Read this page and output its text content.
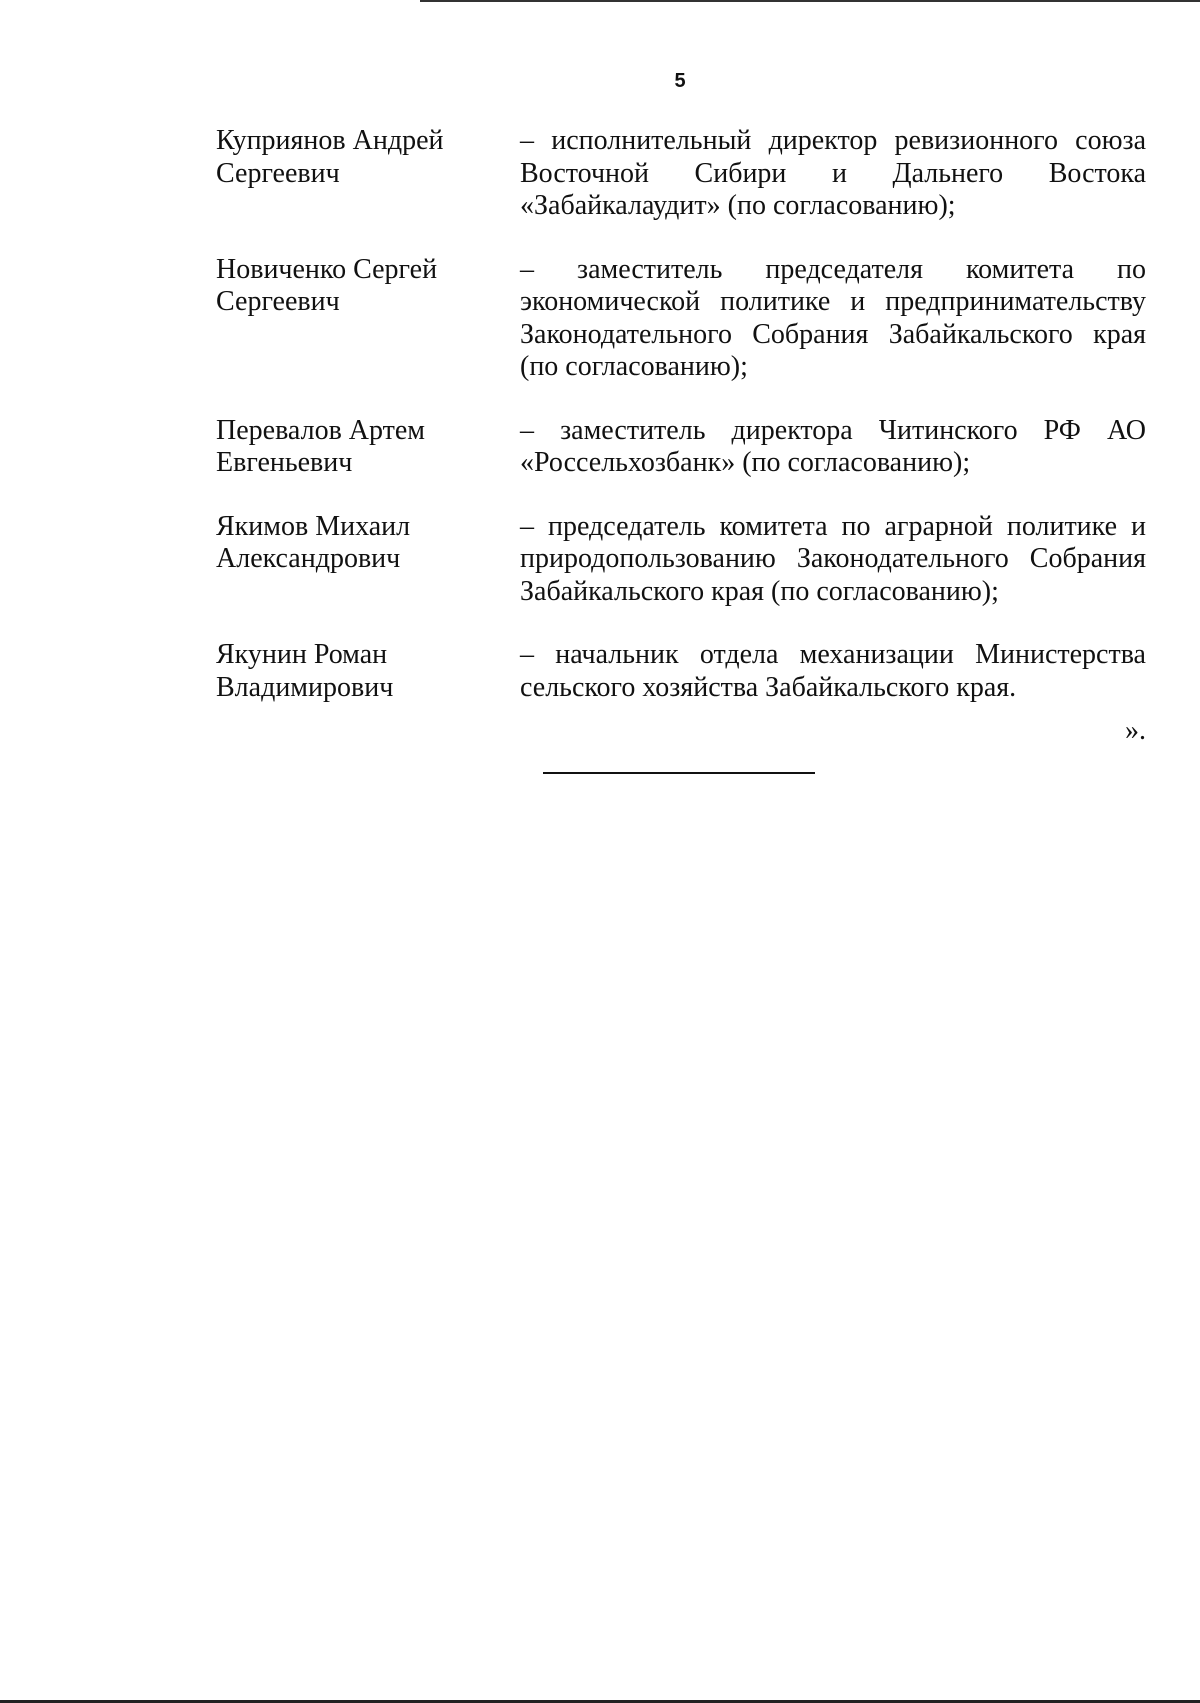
5
Куприянов Андрей Сергеевич
– исполнительный директор ревизионного союза Восточной Сибири и Дальнего Востока «Забайкалаудит» (по согласованию);
Новиченко Сергей Сергеевич
– заместитель председателя комитета по экономической политике и предпринимательству Законодательного Собрания Забайкальского края (по согласованию);
Перевалов Артем Евгеньевич
– заместитель директора Читинского РФ АО «Россельхозбанк» (по согласованию);
Якимов Михаил Александрович
– председатель комитета по аграрной политике и природопользованию Законодательного Собрания Забайкальского края (по согласованию);
Якунин Роман Владимирович
– начальник отдела механизации Министерства сельского хозяйства Забайкальского края.
».
